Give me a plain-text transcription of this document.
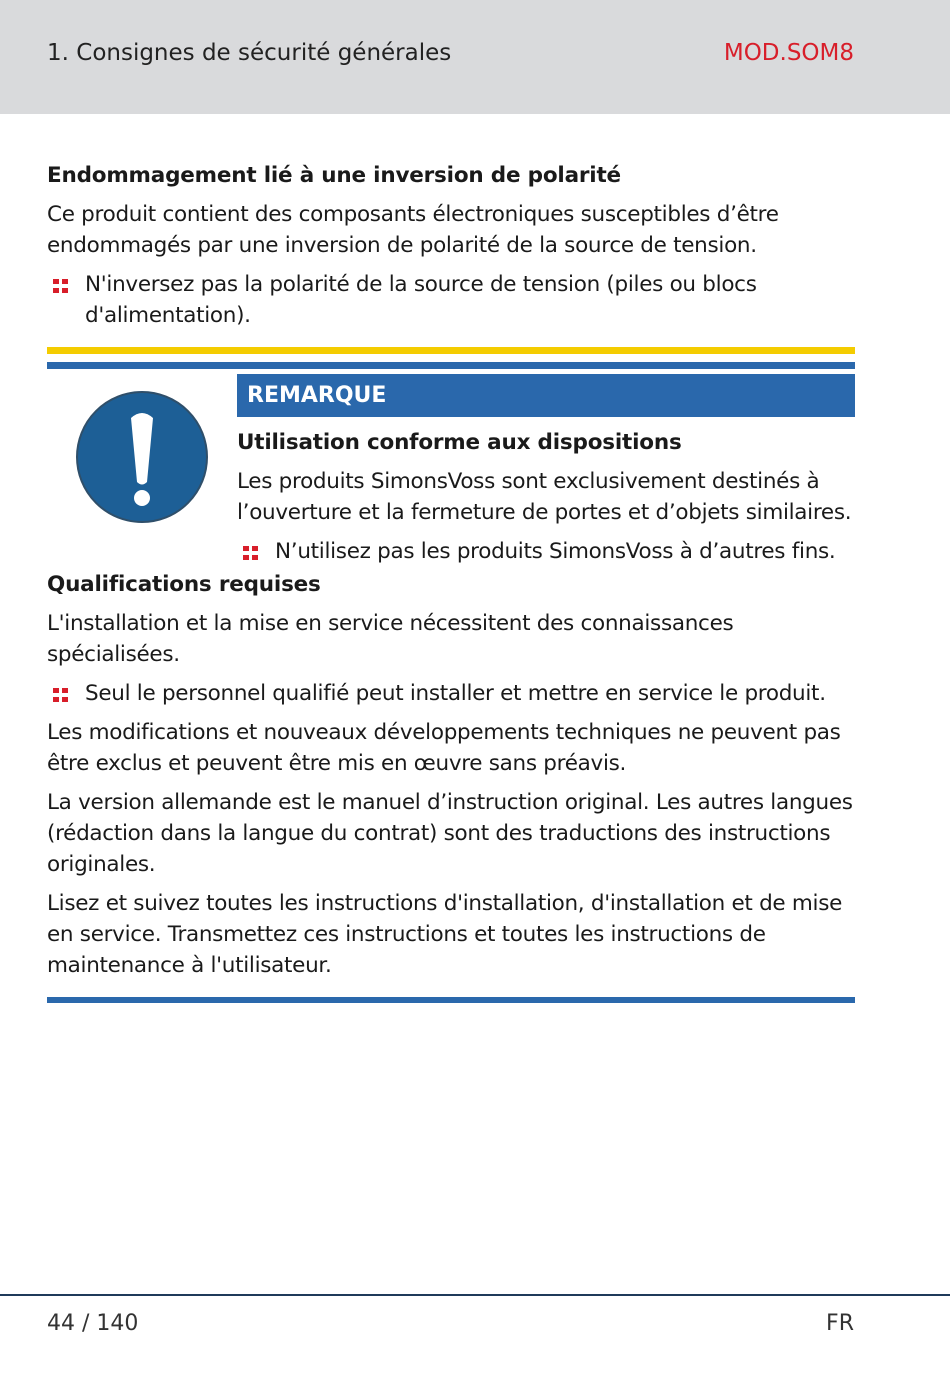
1. Consignes de sécurité générales	MOD.SOM8
Endommagement lié à une inversion de polarité
Ce produit contient des composants électroniques susceptibles d’être endommagés par une inversion de polarité de la source de tension.
N'inversez pas la polarité de la source de tension (piles ou blocs d'alimentation).
REMARQUE
Utilisation conforme aux dispositions
Les produits SimonsVoss sont exclusivement destinés à l’ouverture et la fermeture de portes et d’objets similaires.
N’utilisez pas les produits SimonsVoss à d’autres fins.
Qualifications requises
L'installation et la mise en service nécessitent des connaissances spécialisées.
Seul le personnel qualifié peut installer et mettre en service le produit.
Les modifications et nouveaux développements techniques ne peuvent pas être exclus et peuvent être mis en œuvre sans préavis.
La version allemande est le manuel d’instruction original. Les autres langues (rédaction dans la langue du contrat) sont des traductions des instructions originales.
Lisez et suivez toutes les instructions d'installation, d'installation et de mise en service. Transmettez ces instructions et toutes les instructions de maintenance à l'utilisateur.
44 / 140	FR
